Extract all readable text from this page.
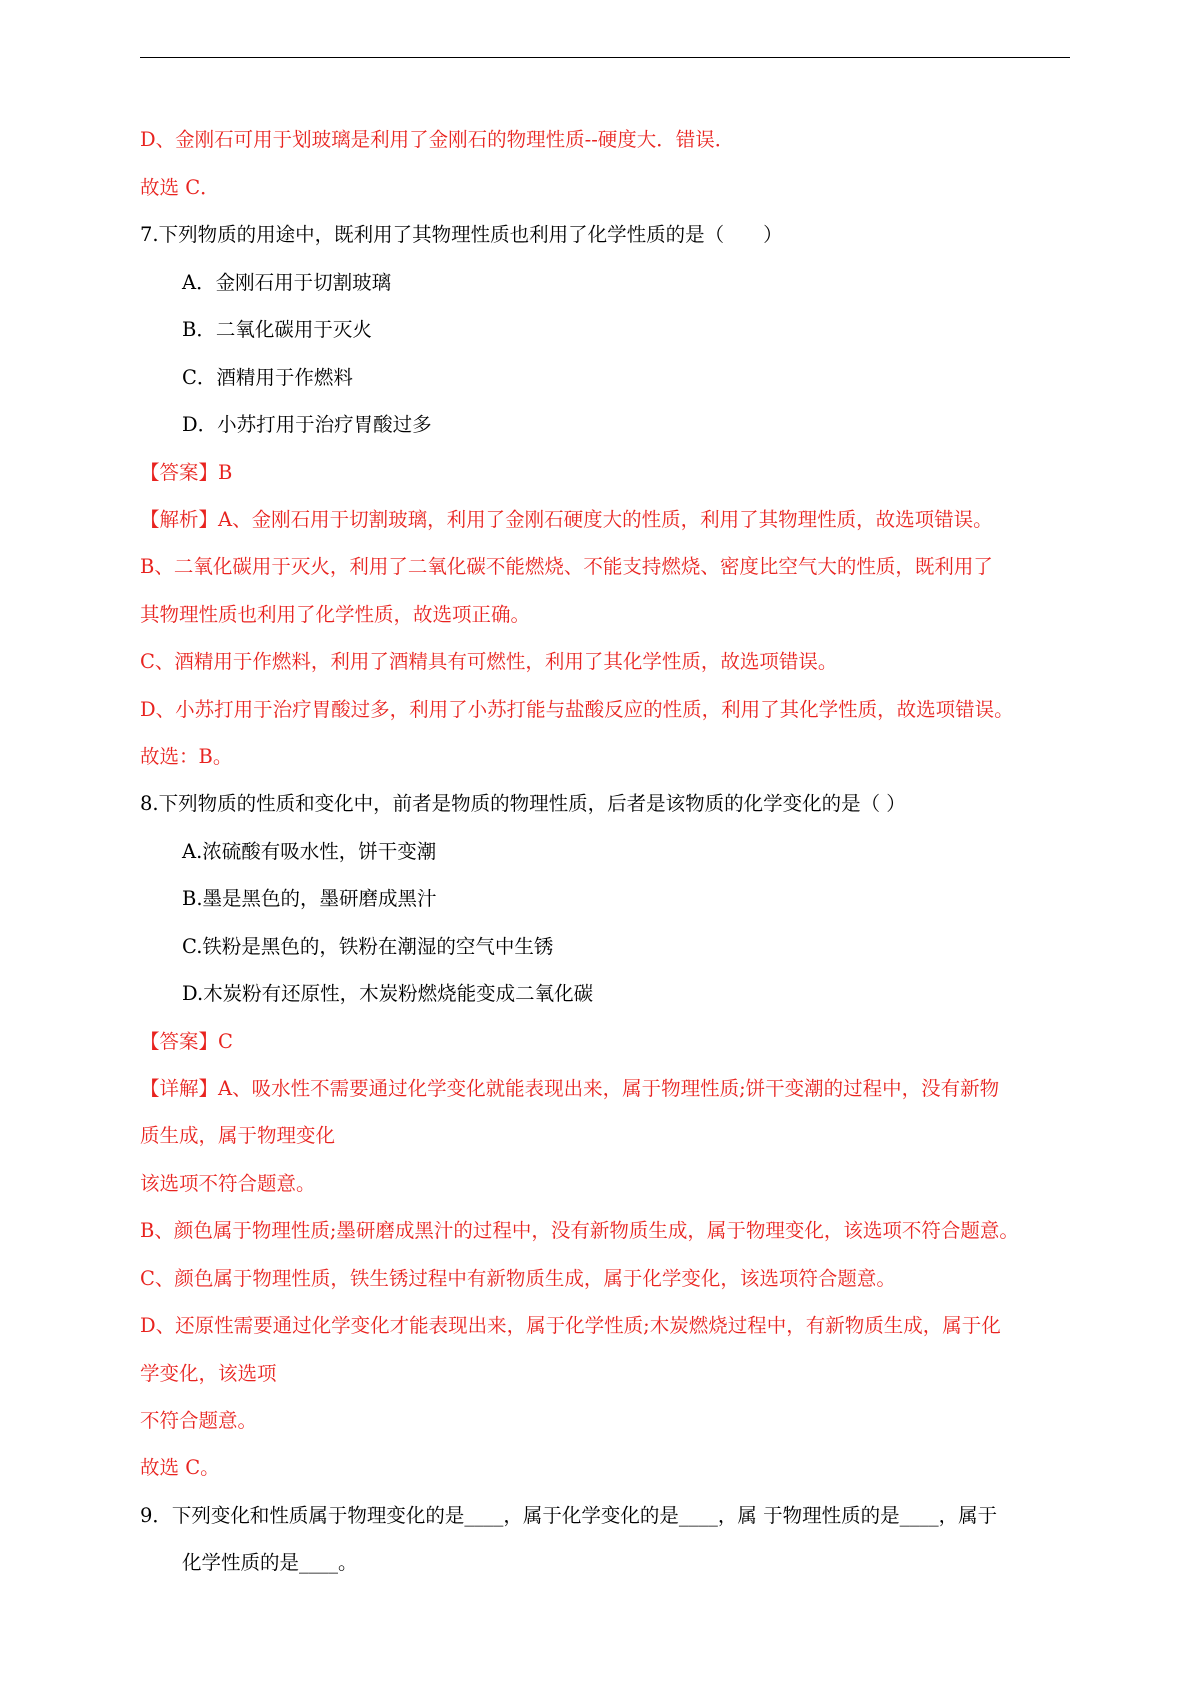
D、金刚石可用于划玻璃是利用了金刚石的物理性质--硬度大．错误．
故选 C．
7.下列物质的用途中，既利用了其物理性质也利用了化学性质的是（　　）
A．金刚石用于切割玻璃
B．二氧化碳用于灭火
C．酒精用于作燃料
D．小苏打用于治疗胃酸过多
【答案】B
【解析】A、金刚石用于切割玻璃，利用了金刚石硬度大的性质，利用了其物理性质，故选项错误。
B、二氧化碳用于灭火，利用了二氧化碳不能燃烧、不能支持燃烧、密度比空气大的性质，既利用了
其物理性质也利用了化学性质，故选项正确。
C、酒精用于作燃料，利用了酒精具有可燃性，利用了其化学性质，故选项错误。
D、小苏打用于治疗胃酸过多，利用了小苏打能与盐酸反应的性质，利用了其化学性质，故选项错误。
故选：B。
8.下列物质的性质和变化中，前者是物质的物理性质，后者是该物质的化学变化的是（ ）
A.浓硫酸有吸水性，饼干变潮
B.墨是黑色的，墨研磨成黑汁
C.铁粉是黑色的，铁粉在潮湿的空气中生锈
D.木炭粉有还原性，木炭粉燃烧能变成二氧化碳
【答案】C
【详解】A、吸水性不需要通过化学变化就能表现出来，属于物理性质;饼干变潮的过程中，没有新物
质生成，属于物理变化
该选项不符合题意。
B、颜色属于物理性质;墨研磨成黑汁的过程中，没有新物质生成，属于物理变化，该选项不符合题意。
C、颜色属于物理性质，铁生锈过程中有新物质生成，属于化学变化，该选项符合题意。
D、还原性需要通过化学变化才能表现出来，属于化学性质;木炭燃烧过程中，有新物质生成，属于化
学变化，该选项
不符合题意。
故选 C。
9．下列变化和性质属于物理变化的是____，属于化学变化的是____，属 于物理性质的是____，属于
化学性质的是____。
